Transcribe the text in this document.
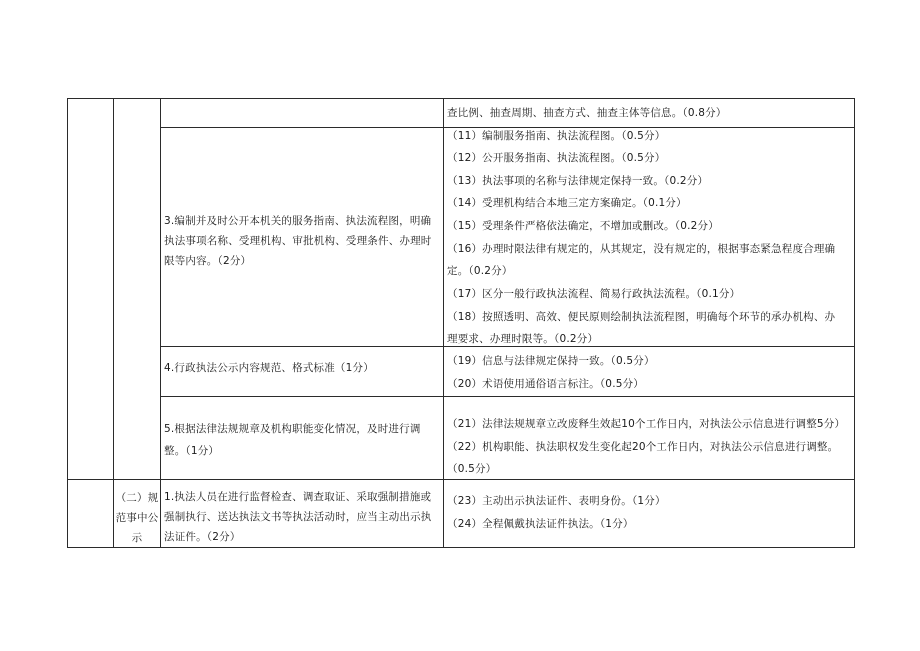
查比例、抽查周期、抽查方式、抽查主体等信息。（0.8分）
3.编制并及时公开本机关的服务指南、执法流程图，明确执法事项名称、受理机构、审批机构、受理条件、办理时限等内容。（2分）
（11）编制服务指南、执法流程图。（0.5分）
（12）公开服务指南、执法流程图。（0.5分）
（13）执法事项的名称与法律规定保持一致。（0.2分）
（14）受理机构结合本地三定方案确定。（0.1分）
（15）受理条件严格依法确定，不增加或删改。（0.2分）
（16）办理时限法律有规定的，从其规定，没有规定的，根据事态紧急程度合理确
定。（0.2分）
（17）区分一般行政执法流程、简易行政执法流程。（0.1分）
（18）按照透明、高效、便民原则绘制执法流程图，明确每个环节的承办机构、办
理要求、办理时限等。（0.2分）
4.行政执法公示内容规范、格式标准（1分）
（19）信息与法律规定保持一致。（0.5分）
（20）术语使用通俗语言标注。（0.5分）
5.根据法律法规规章及机构职能变化情况，及时进行调整。（1分）
（21）法律法规规章立改废释生效起10个工作日内，对执法公示信息进行调整5分）
（22）机构职能、执法职权发生变化起20个工作日内，对执法公示信息进行调整。
（0.5分）
（二）规范事中公示
1.执法人员在进行监督检查、调查取证、采取强制措施或强制执行、送达执法文书等执法活动时，应当主动出示执法证件。（2分）
（23）主动出示执法证件、表明身份。（1分）
（24）全程佩戴执法证件执法。（1分）
